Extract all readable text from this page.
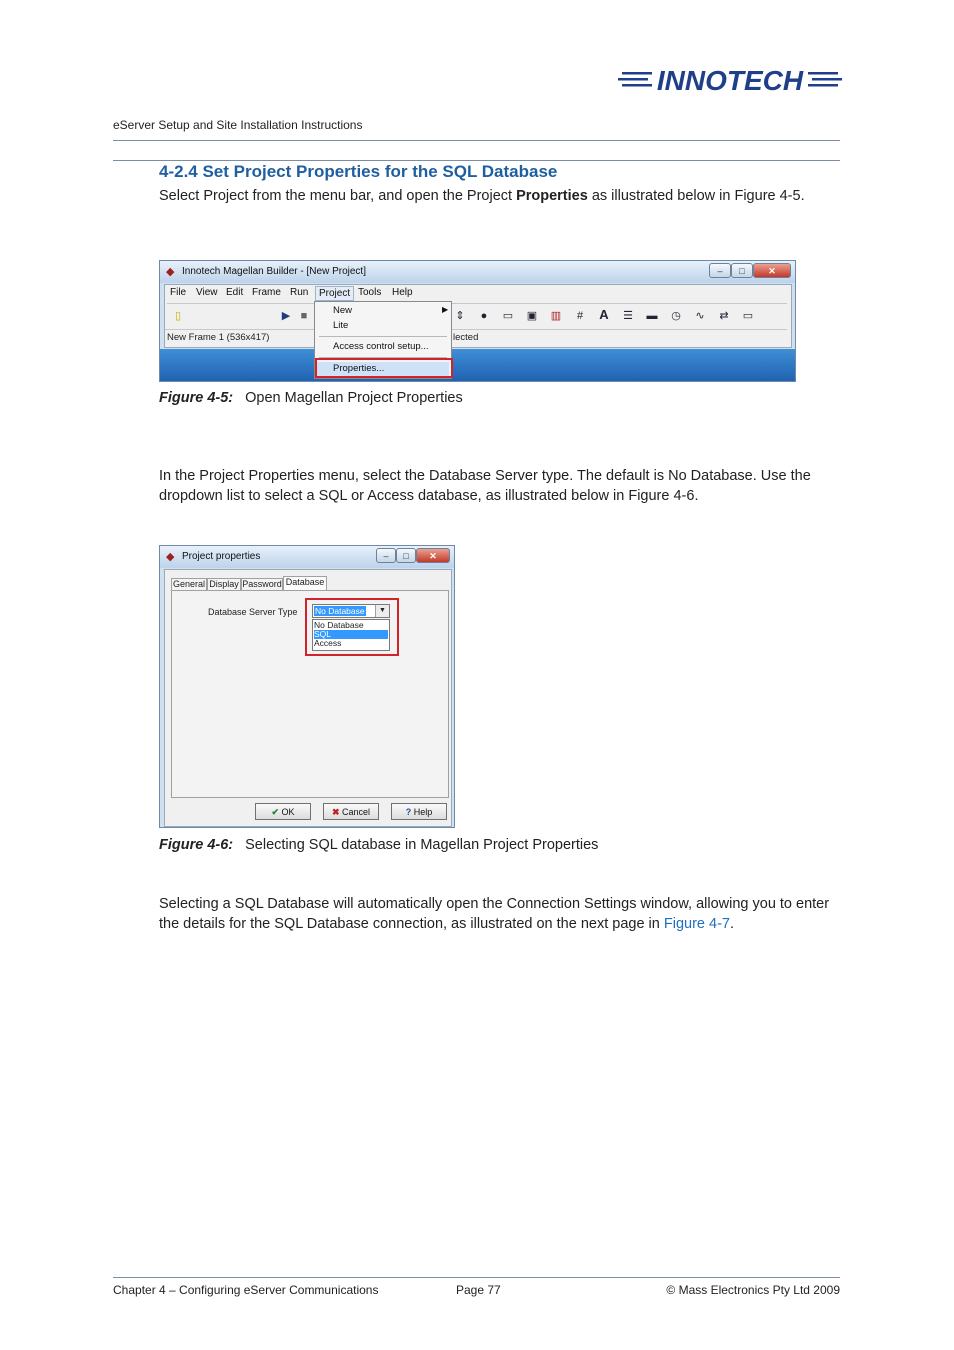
INNOTECH
eServer Setup and Site Installation Instructions
4-2.4 Set Project Properties for the SQL Database
Select Project from the menu bar, and open the Project Properties as illustrated below in Figure 4-5.
◆ Innotech Magellan Builder - [New Project]	–	□	✕
File View Edit Frame Run	Project Tools Help
▯	▶ ■	⇕	●	▭ ▣ ▥	#	A ☰ ▬ ◷ ∿ ⇄ ▭
New Frame 1 (536x417)	lected
New	▶
Lite
Access control setup...
Properties...
Figure 4-5: Open Magellan Project Properties
In the Project Properties menu, select the Database Server type. The default is No Database. Use the dropdown list to select a SQL or Access database, as illustrated below in Figure 4-6.
◆ Project properties	–	□	✕
General Display Password Database
Database Server Type No Database	▼
No Database
SQL
Access
✔ OK	✖ Cancel	? Help
Figure 4-6: Selecting SQL database in Magellan Project Properties
Selecting a SQL Database will automatically open the Connection Settings window, allowing you to enter the details for the SQL Database connection, as illustrated on the next page in Figure 4-7.
Chapter 4 – Configuring eServer Communications	Page 77	© Mass Electronics Pty Ltd 2009
